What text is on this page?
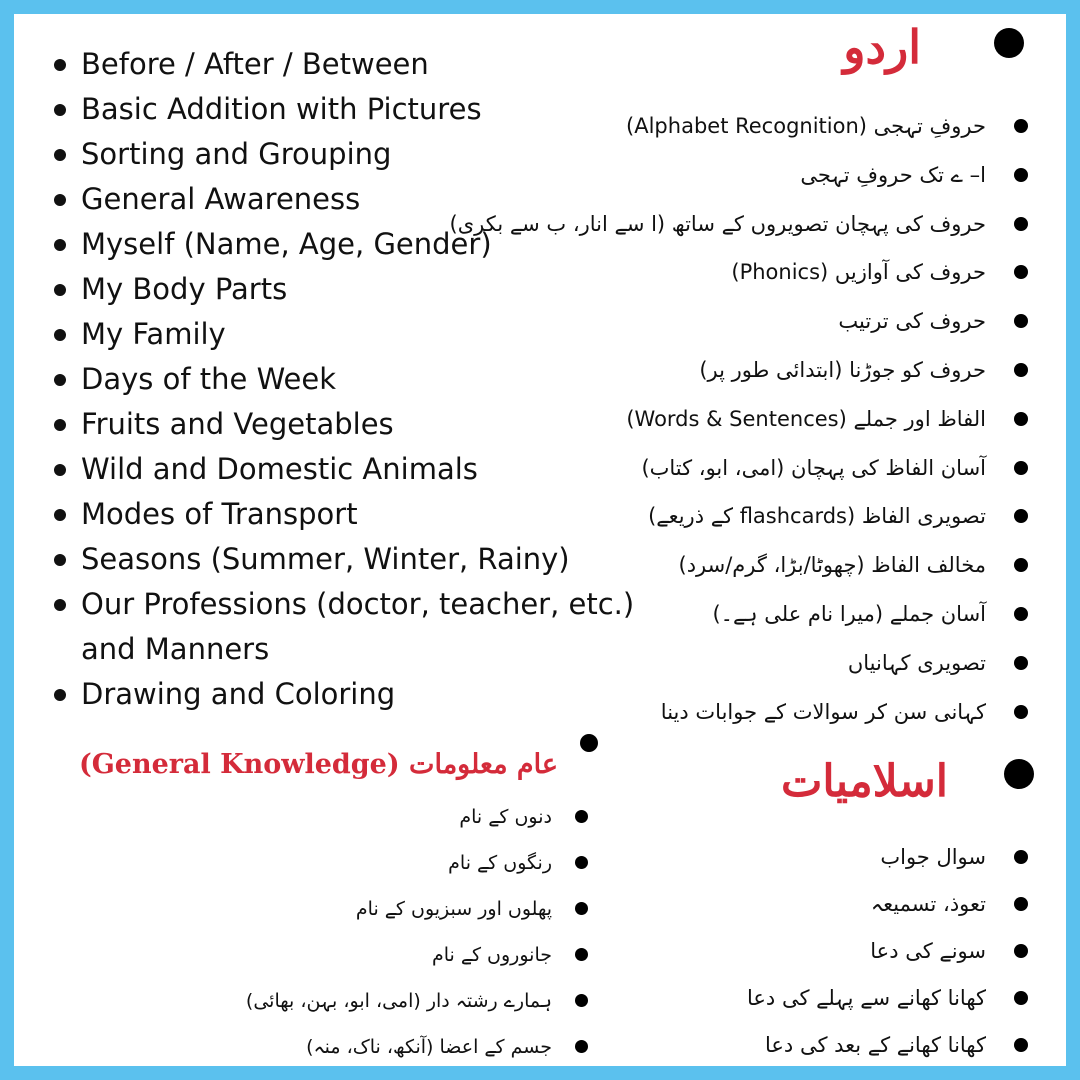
Before / After / Between
Basic Addition with Pictures
Sorting and Grouping
General Awareness
Myself (Name, Age, Gender)
My Body Parts
My Family
Days of the Week
Fruits and Vegetables
Wild and Domestic Animals
Modes of Transport
Seasons (Summer, Winter, Rainy)
Our Professions (doctor, teacher, etc.)
and Manners
Drawing and Coloring
اردو
حروفِ تہجی (Alphabet Recognition)
ا– ے تک حروفِ تہجی
حروف کی پہچان تصویروں کے ساتھ (ا سے انار، ب سے بکری)
حروف کی آوازیں (Phonics)
حروف کی ترتیب
حروف کو جوڑنا (ابتدائی طور پر)
الفاظ اور جملے (Words & Sentences)
آسان الفاظ کی پہچان (امی، ابو، کتاب)
تصویری الفاظ (flashcards کے ذریعے)
مخالف الفاظ (چھوٹا/بڑا، گرم/سرد)
آسان جملے (میرا نام علی ہے۔)
تصویری کہانیاں
کہانی سن کر سوالات کے جوابات دینا
عام معلومات (General Knowledge)
دنوں کے نام
رنگوں کے نام
پھلوں اور سبزیوں کے نام
جانوروں کے نام
ہمارے رشتہ دار (امی، ابو، بہن، بھائی)
جسم کے اعضا (آنکھ، ناک، منہ)
اسلامیات
سوال جواب
تعوذ، تسمیعہ
سونے کی دعا
کھانا کھانے سے پہلے کی دعا
کھانا کھانے کے بعد کی دعا
